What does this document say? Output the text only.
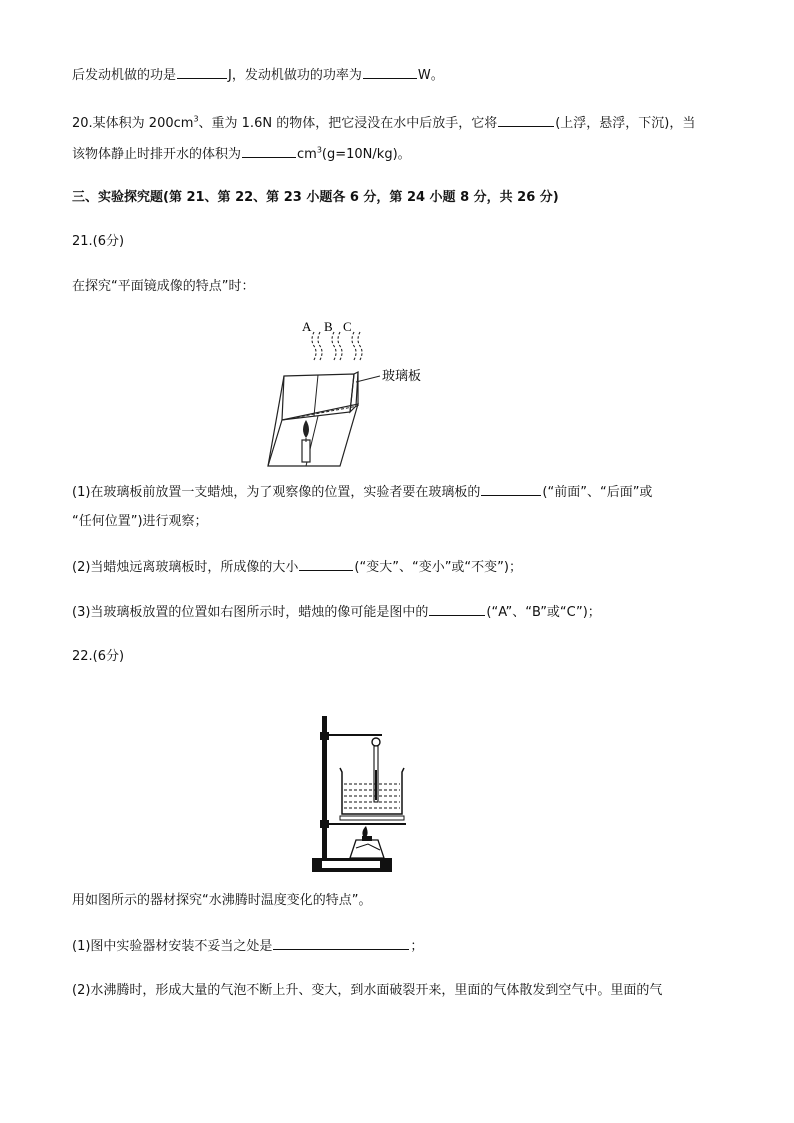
后发动机做的功是	J，发动机做功的功率为	W。
20.某体积为 $200cm^3$、重为 1.6N 的物体，把它浸没在水中后放手，它将	(上浮，悬浮，下沉)，当
该物体静止时排开水的体积为	$cm^3(g=10N/kg)$。
三、实验探究题(第 21、第 22、第 23 小题各 6 分，第 24 小题 8 分，共 26 分)
21.(6分)
在探究“平面镜成像的特点”时：
A B C
玻璃板
(1)在玻璃板前放置一支蜡烛，为了观察像的位置，实验者要在玻璃板的	(“前面”、“后面”或
“任何位置”)进行观察；
(2)当蜡烛远离玻璃板时，所成像的大小	(“变大”、“变小”或“不变”)；
(3)当玻璃板放置的位置如右图所示时，蜡烛的像可能是图中的	(“A”、“B”或“C”)；
22.(6分)
用如图所示的器材探究“水沸腾时温度变化的特点”。
(1)图中实验器材安装不妥当之处是	；
(2)水沸腾时，形成大量的气泡不断上升、变大，到水面破裂开来，里面的气体散发到空气中。里面的气
